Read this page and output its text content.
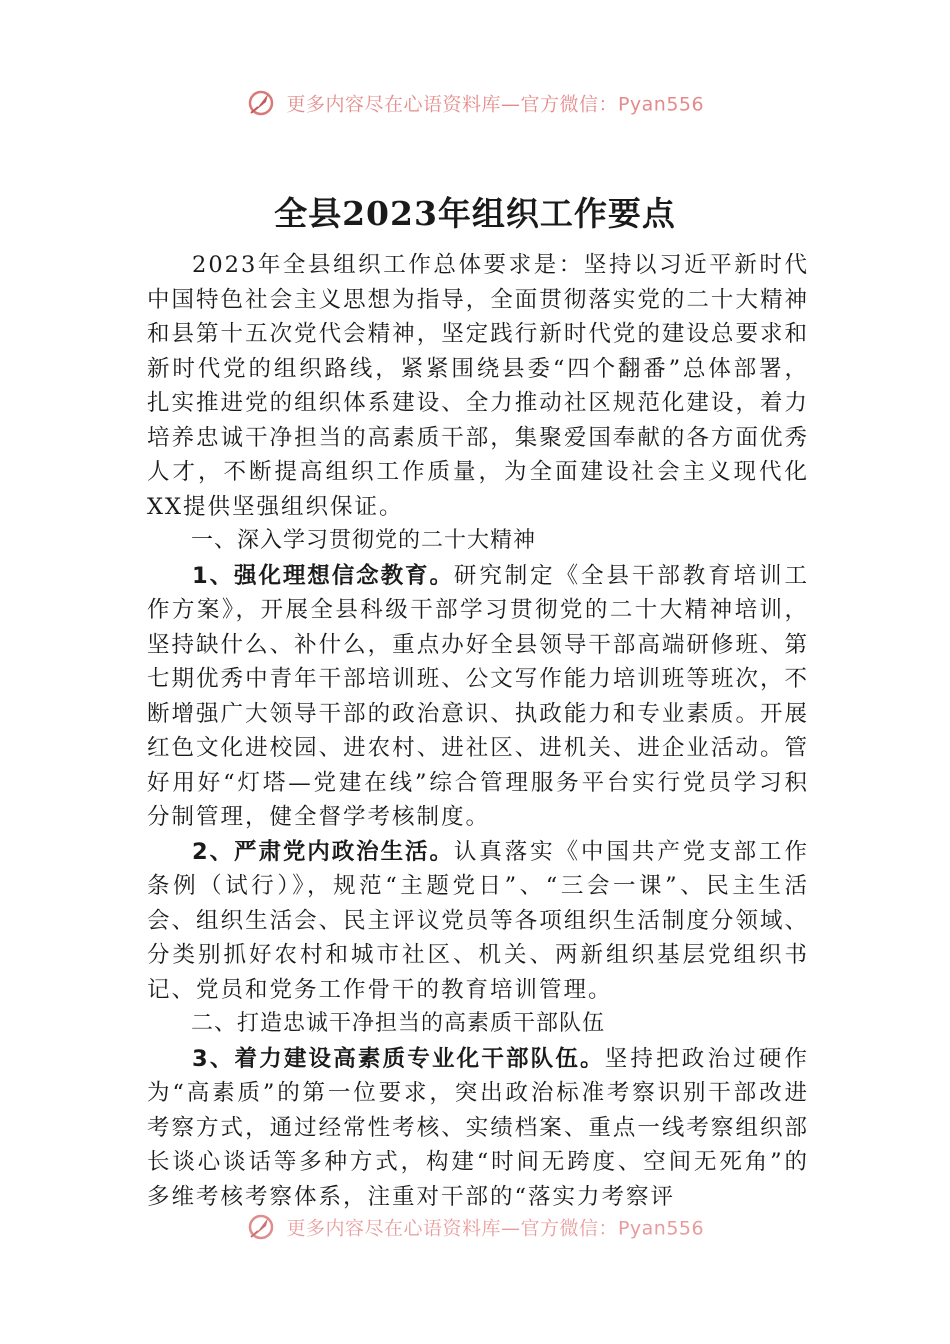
更多内容尽在心语资料库—官方微信：Pyan556
全县2023年组织工作要点

2023年全县组织工作总体要求是：坚持以习近平新时代中国特色社会主义思想为指导，全面贯彻落实党的二十大精神和县第十五次党代会精神，坚定践行新时代党的建设总要求和新时代党的组织路线，紧紧围绕县委“四个翻番”总体部署，扎实推进党的组织体系建设、全力推动社区规范化建设，着力培养忠诚干净担当的高素质干部，集聚爱国奉献的各方面优秀人才，不断提高组织工作质量，为全面建设社会主义现代化XX提供坚强组织保证。

一、深入学习贯彻党的二十大精神

1、强化理想信念教育。研究制定《全县干部教育培训工作方案》，开展全县科级干部学习贯彻党的二十大精神培训，坚持缺什么、补什么，重点办好全县领导干部高端研修班、第七期优秀中青年干部培训班、公文写作能力培训班等班次，不断增强广大领导干部的政治意识、执政能力和专业素质。开展红色文化进校园、进农村、进社区、进机关、进企业活动。管好用好“灯塔—党建在线”综合管理服务平台实行党员学习积分制管理，健全督学考核制度。

2、严肃党内政治生活。认真落实《中国共产党支部工作条例（试行）》，规范“主题党日”、“三会一课”、民主生活会、组织生活会、民主评议党员等各项组织生活制度分领域、分类别抓好农村和城市社区、机关、两新组织基层党组织书记、党员和党务工作骨干的教育培训管理。

二、打造忠诚干净担当的高素质干部队伍

3、着力建设高素质专业化干部队伍。坚持把政治过硬作为“高素质”的第一位要求，突出政治标准考察识别干部改进考察方式，通过经常性考核、实绩档案、重点一线考察组织部长谈心谈话等多种方式，构建“时间无跨度、空间无死角”的多维考核考察体系，注重对干部的“落实力考察评

更多内容尽在心语资料库—官方微信：Pyan556
